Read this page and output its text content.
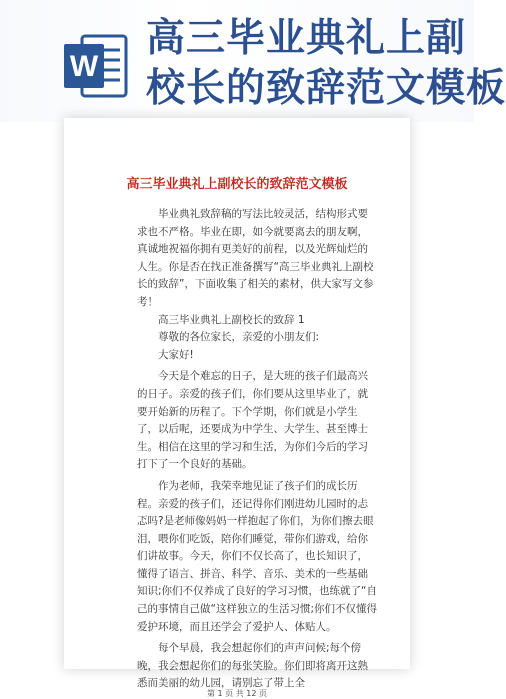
W
高三毕业典礼上副
校长的致辞范文模板
高三毕业典礼上副校长的致辞范文模板

毕业典礼致辞稿的写法比较灵活，结构形式要求也不严格。毕业在即，如今就要离去的朋友啊，真诚地祝福你拥有更美好的前程，以及光辉灿烂的人生。你是否在找正准备撰写“高三毕业典礼上副校长的致辞”，下面收集了相关的素材，供大家写文参考！

高三毕业典礼上副校长的致辞 1

尊敬的各位家长，亲爱的小朋友们:

大家好!

今天是个难忘的日子，是大班的孩子们最高兴的日子。亲爱的孩子们，你们要从这里毕业了，就要开始新的历程了。下个学期，你们就是小学生了，以后呢，还要成为中学生、大学生、甚至博士生。相信在这里的学习和生活，为你们今后的学习打下了一个良好的基础。

作为老师，我荣幸地见证了孩子们的成长历程。亲爱的孩子们，还记得你们刚进幼儿园时的忐忑吗?是老师像妈妈一样抱起了你们，为你们擦去眼泪，喂你们吃饭，陪你们睡觉，带你们游戏，给你们讲故事。今天，你们不仅长高了，也长知识了，懂得了语言、拼音、科学、音乐、美术的一些基础知识;你们不仅养成了良好的学习习惯，也练就了“自己的事情自己做“这样独立的生活习惯;你们不仅懂得爱护环境，而且还学会了爱护人、体贴人。

每个早晨，我会想起你们的声声问候;每个傍晚，我会想起你们的每张笑脸。你们即将离开这熟悉而美丽的幼儿园，请别忘了带上全

第 1 页 共 12 页
